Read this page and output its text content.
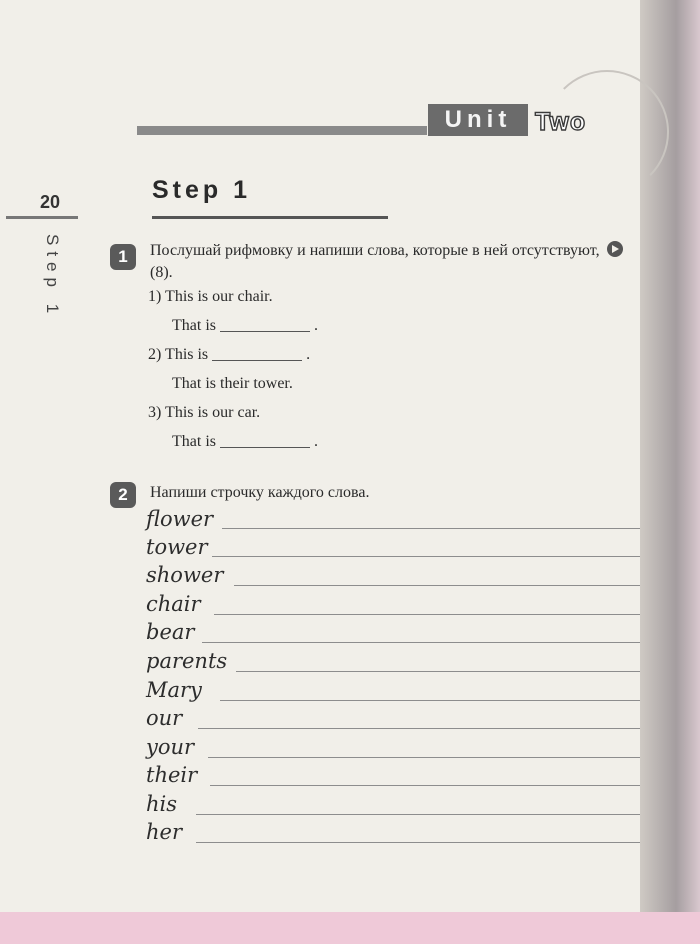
Unit Two
20
Step 1
Step 1
1	Послушай рифмовку и напиши слова, которые в ней отсутствуют,  (8).
1) This is our chair.
That is	.
2) This is	.
That is their tower.
3) This is our car.
That is	.
2	Напиши строчку каждого слова.
flower
tower
shower
chair
bear
parents
Mary
our
your
their
his
her
